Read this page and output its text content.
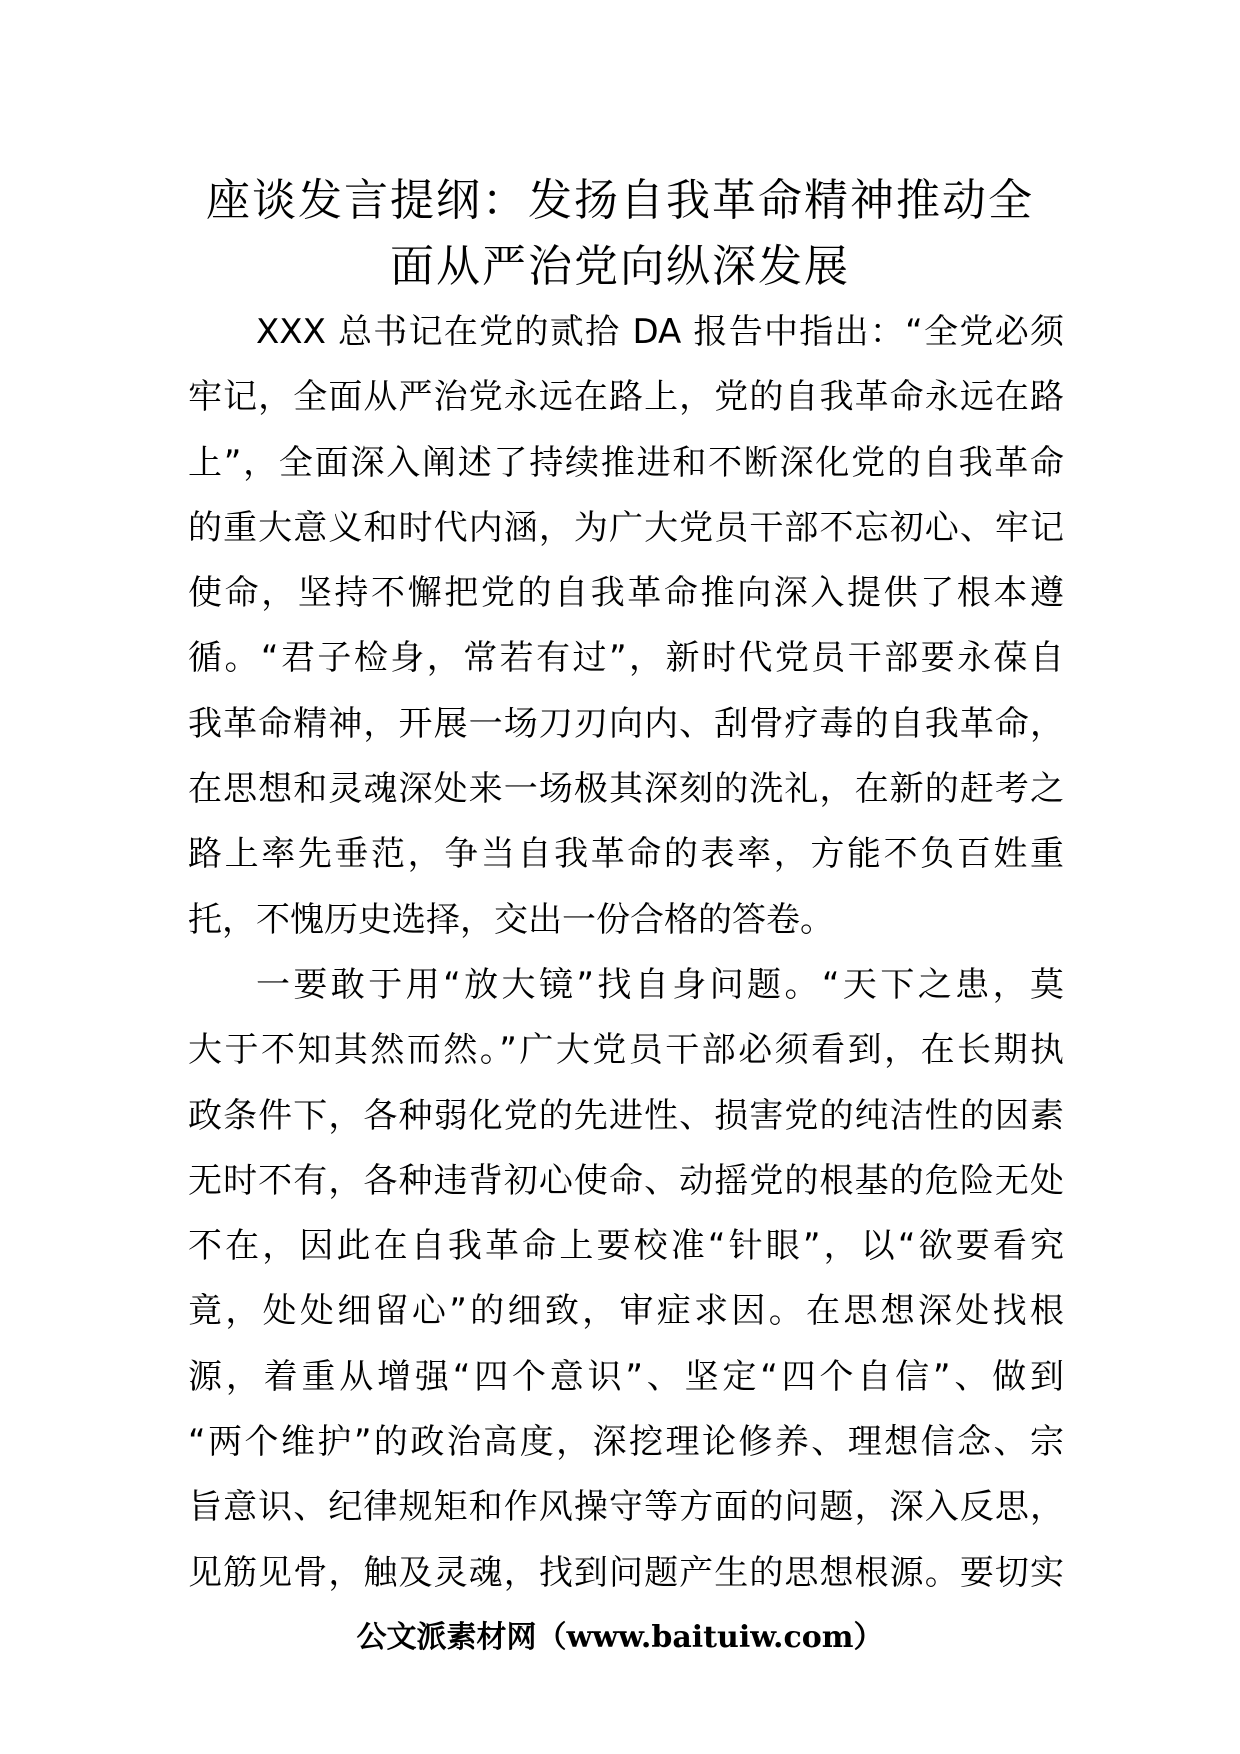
座谈发言提纲：发扬自我革命精神推动全
面从严治党向纵深发展
XXX 总书记在党的贰拾 DA 报告中指出：“全党必须
牢记，全面从严治党永远在路上，党的自我革命永远在路
上”，全面深入阐述了持续推进和不断深化党的自我革命
的重大意义和时代内涵，为广大党员干部不忘初心、牢记
使命，坚持不懈把党的自我革命推向深入提供了根本遵
循。“君子检身，常若有过”，新时代党员干部要永葆自
我革命精神，开展一场刀刃向内、刮骨疗毒的自我革命，
在思想和灵魂深处来一场极其深刻的洗礼，在新的赶考之
路上率先垂范，争当自我革命的表率，方能不负百姓重
托，不愧历史选择，交出一份合格的答卷。
一要敢于用“放大镜”找自身问题。“天下之患，莫
大于不知其然而然。”广大党员干部必须看到，在长期执
政条件下，各种弱化党的先进性、损害党的纯洁性的因素
无时不有，各种违背初心使命、动摇党的根基的危险无处
不在，因此在自我革命上要校准“针眼”，以“欲要看究
竟，处处细留心”的细致，审症求因。在思想深处找根
源，着重从增强“四个意识”、坚定“四个自信”、做到
“两个维护”的政治高度，深挖理论修养、理想信念、宗
旨意识、纪律规矩和作风操守等方面的问题，深入反思，
见筋见骨，触及灵魂，找到问题产生的思想根源。要切实
公文派素材网（www.baituiw.com）
